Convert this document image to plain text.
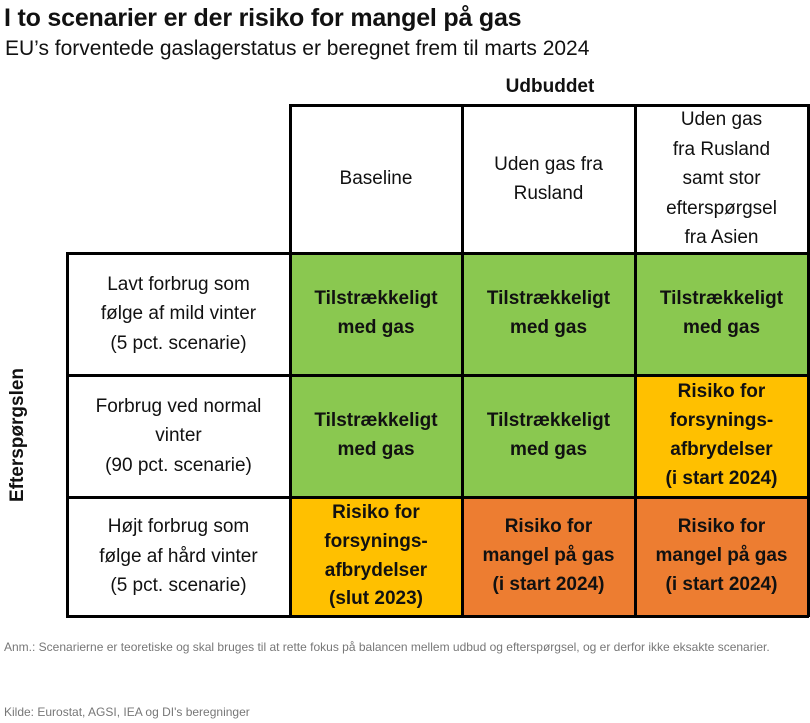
I to scenarier er der risiko for mangel på gas
EU’s forventede gaslagerstatus er beregnet frem til marts 2024
Udbuddet
Efterspørgslen
Baseline
Uden gas fra
Rusland
Uden gas
fra Rusland
samt stor
efterspørgsel
fra Asien
Lavt forbrug som
følge af mild vinter
(5 pct. scenarie)
Tilstrækkeligt
med gas
Tilstrækkeligt
med gas
Tilstrækkeligt
med gas
Forbrug ved normal
vinter
(90 pct. scenarie)
Tilstrækkeligt
med gas
Tilstrækkeligt
med gas
Risiko for
forsynings-
afbrydelser
(i start 2024)
Højt forbrug som
følge af hård vinter
(5 pct. scenarie)
Risiko for
forsynings-
afbrydelser
(slut 2023)
Risiko for
mangel på gas
(i start 2024)
Risiko for
mangel på gas
(i start 2024)
Anm.: Scenarierne er teoretiske og skal bruges til at rette fokus på balancen mellem udbud og efterspørgsel, og er derfor ikke eksakte scenarier.
Kilde: Eurostat, AGSI, IEA og DI's beregninger
